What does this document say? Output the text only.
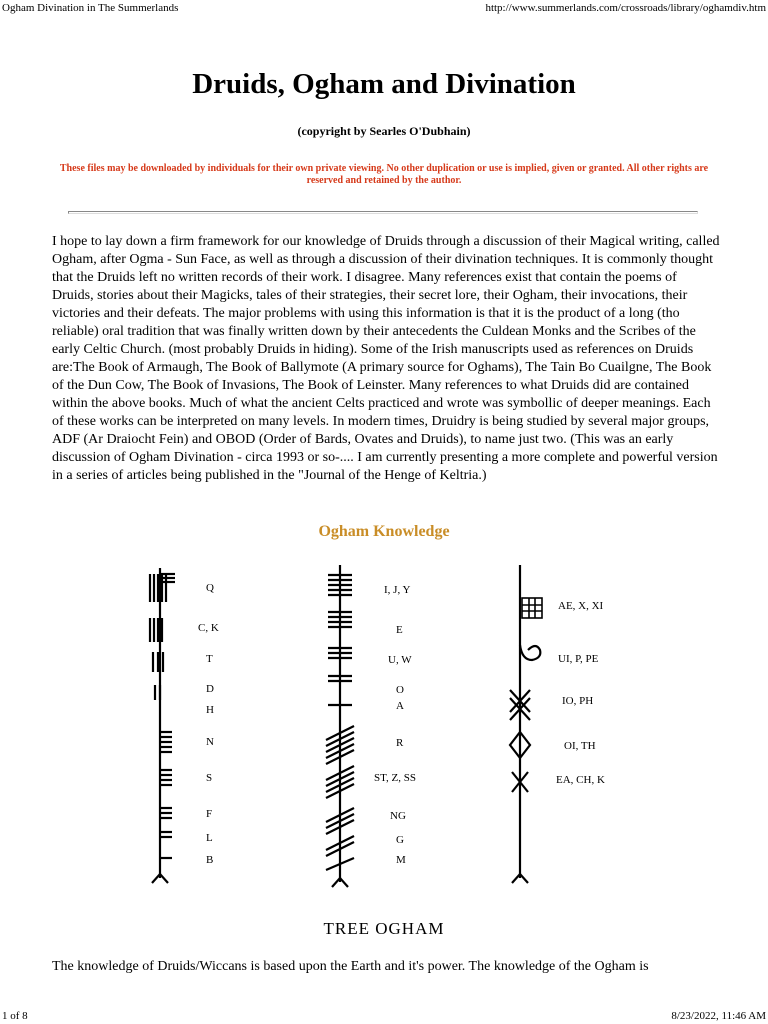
Ogham Divination in The Summerlands	http://www.summerlands.com/crossroads/library/oghamdiv.htm
Druids, Ogham and Divination
(copyright by Searles O'Dubhain)
These files may be downloaded by individuals for their own private viewing. No other duplication or use is implied, given or granted. All other rights are reserved and retained by the author.

I hope to lay down a firm framework for our knowledge of Druids through a discussion of their Magical writing, called Ogham, after Ogma - Sun Face, as well as through a discussion of their divination techniques. It is commonly thought that the Druids left no written records of their work. I disagree. Many references exist that contain the poems of Druids, stories about their Magicks, tales of their strategies, their secret lore, their Ogham, their invocations, their victories and their defeats. The major problems with using this information is that it is the product of a long (tho reliable) oral tradition that was finally written down by their antecedents the Culdean Monks and the Scribes of the early Celtic Church. (most probably Druids in hiding). Some of the Irish manuscripts used as references on Druids are:The Book of Armaugh, The Book of Ballymote (A primary source for Oghams), The Tain Bo Cuailgne, The Book of the Dun Cow, The Book of Invasions, The Book of Leinster. Many references to what Druids did are contained within the above books. Much of what the ancient Celts practiced and wrote was symbollic of deeper meanings. Each of these works can be interpreted on many levels. In modern times, Druidry is being studied by several major groups, ADF (Ar Draiocht Fein) and OBOD (Order of Bards, Ovates and Druids), to name just two. (This was an early discussion of Ogham Divination - circa 1993 or so-.... I am currently presenting a more complete and powerful version in a series of articles being published in the "Journal of the Henge of Keltria.)

Ogham Knowledge
Q
C, K
T
D
H
N
S
F
L
B
I, J, Y
E
U, W
O
A
R
ST, Z, SS
NG
G
M
AE, X, XI
UI, P, PE
IO, PH
OI, TH
EA, CH, K
TREE OGHAM
The knowledge of Druids/Wiccans is based upon the Earth and it's power. The knowledge of the Ogham is
1 of 8	8/23/2022, 11:46 AM
